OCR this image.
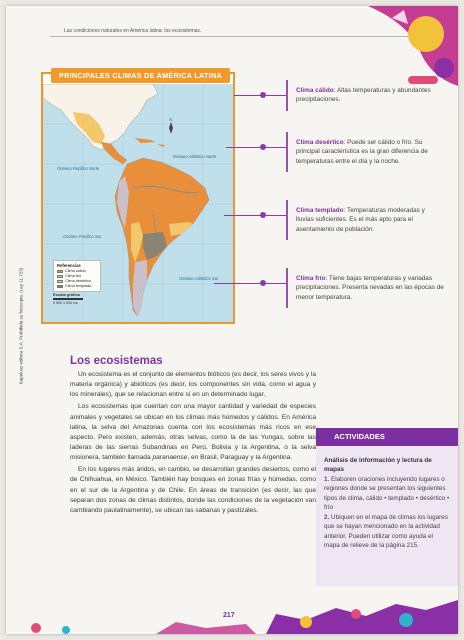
Las condiciones naturales en América latina: los ecosistemas.
Kapelusz editora S.A. Prohibida su fotocopia. (Ley 11.723)
PRINCIPALES CLIMAS DE AMÉRICA LATINA
N
Océano Pacífico Norte
Océano Atlántico Norte
Océano Pacífico Sur
Océano Atlántico Sur
Referencias
Clima cálido
Clima frío
Clima desértico
Clima templado
Escala gráfica
0 500 1.000 km
Clima cálido: Altas temperaturas y abundantes precipitaciones.
Clima desértico: Puede ser cálido o frío. Su principal característica es la gran diferencia de temperaturas entre el día y la noche.
Clima templado: Temperaturas moderadas y lluvias suficientes. Es el más apto para el asentamiento de población.
Clima frío: Tiene bajas temperaturas y variadas precipitaciones. Presenta nevadas en las épocas de menor temperatura.
Los ecosistemas

Un ecosistema es el conjunto de elementos bióticos (es decir, los seres vivos y la materia orgánica) y abióticos (es decir, los componentes sin vida, como el agua y los minerales), que se relacionan entre sí en un determinado lugar.

Los ecosistemas que cuentan con una mayor cantidad y variedad de especies animales y vegetales se ubican en los climas más húmedos y cálidos. En América latina, la selva del Amazonas cuenta con los ecosistemas más ricos en ese aspecto. Pero existen, además, otras selvas, como la de las Yungas, sobre las laderas de las sierras Subandinas en Perú, Bolivia y la Argentina, o la selva misionera, también llamada paranaense, en Brasil, Paraguay y la Argentina.

En los lugares más áridos, en cambio, se desarrollan grandes desiertos, como el de Chihuahua, en México. También hay bosques en zonas frías y húmedas, como en el sur de la Argentina y de Chile. En áreas de transición (es decir, las que separan dos zonas de climas distintos, donde las condiciones de la vegetación van cambiando paulatinamente), se ubican las sabanas y pastizales.

ACTIVIDADES
Análisis de información y lectura de mapas
1. Elaboren oraciones incluyendo lugares o regiones donde se presentan los siguientes tipos de clima, cálido • templado • desértico • frío
2. Ubiquen en el mapa de climas los lugares que se hayan mencionado en la actividad anterior. Pueden utilizar como ayuda el mapa de relieve de la página 215.
217
